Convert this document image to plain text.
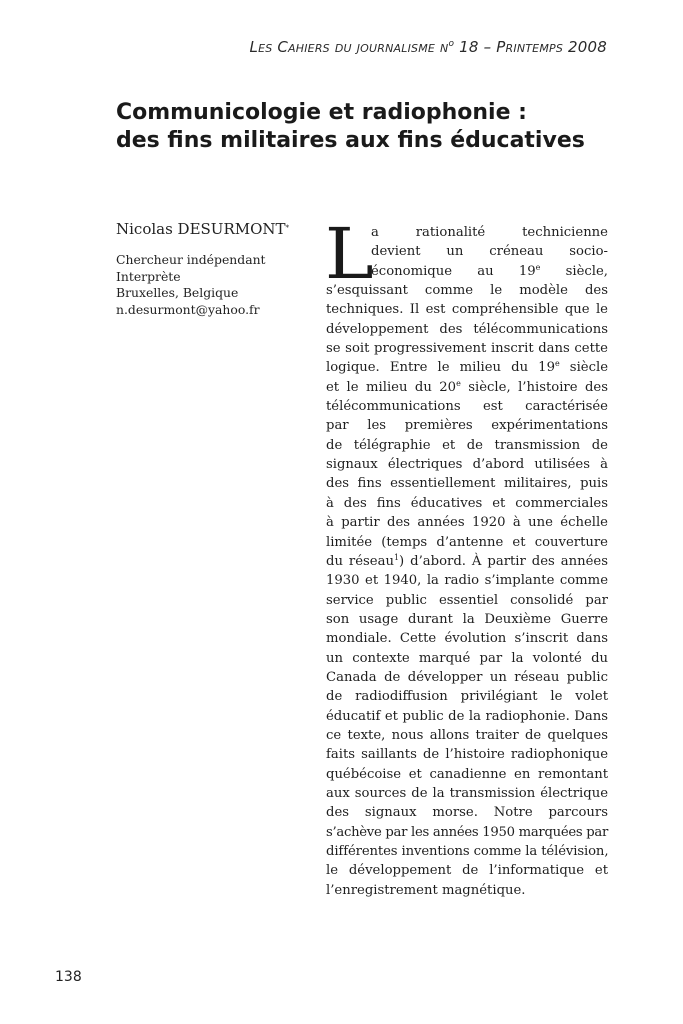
Les Cahiers du journalisme $n^o$ 18 – Printemps 2008
Communicologie et radiophonie :
des fins militaires aux fins éducatives
Nicolas DESURMONT*
Chercheur indépendant
Interprète
Bruxelles, Belgique
n.desurmont@yahoo.fr
L
a rationalité technicienne
devient un créneau socio-
économique au 19e siècle,
s’esquissant comme le modèle des
techniques. Il est compréhensible que le
développement des télécommunications
se soit progressivement inscrit dans cette
logique. Entre le milieu du 19e siècle
et le milieu du 20e siècle, l’histoire des
télécommunications est caractérisée
par les premières expérimentations
de télégraphie et de transmission de
signaux électriques d’abord utilisées à
des fins essentiellement militaires, puis
à des fins éducatives et commerciales
à partir des années 1920 à une échelle
limitée (temps d’antenne et couverture
du réseau$^1$) d’abord. À partir des années
1930 et 1940, la radio s’implante comme
service public essentiel consolidé par
son usage durant la Deuxième Guerre
mondiale. Cette évolution s’inscrit dans
un contexte marqué par la volonté du
Canada de développer un réseau public
de radiodiffusion privilégiant le volet
éducatif et public de la radiophonie. Dans
ce texte, nous allons traiter de quelques
faits saillants de l’histoire radiophonique
québécoise et canadienne en remontant
aux sources de la transmission électrique
des signaux morse. Notre parcours
s’achève par les années 1950 marquées par
différentes inventions comme la télévision,
le développement de l’informatique et
l’enregistrement magnétique.
138
